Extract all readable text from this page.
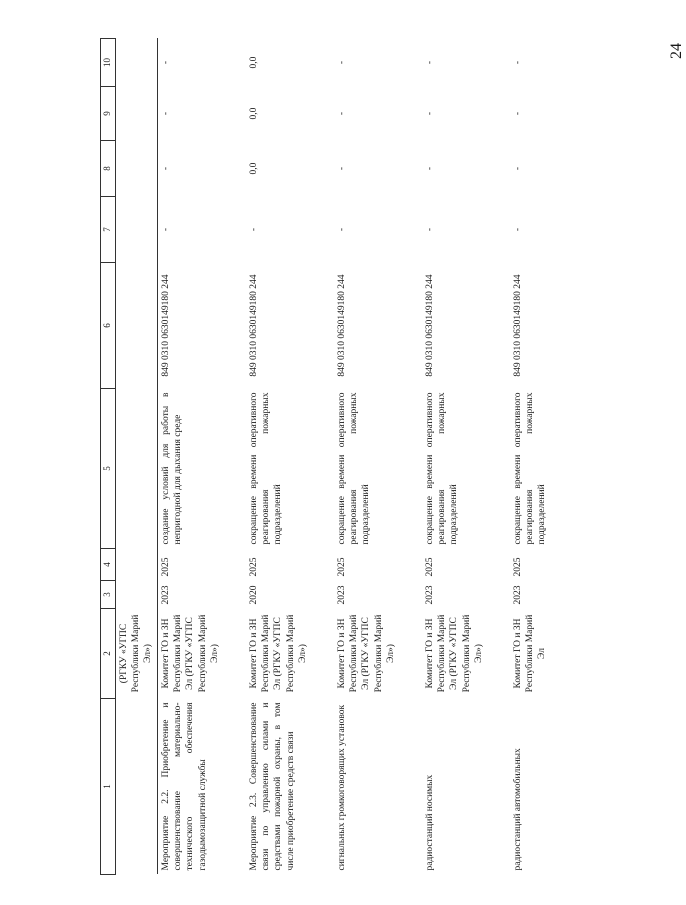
24

1	2	3	4	5	6	7	8	9	10
	(РГКУ «УГПС Республики Марий Эл»)								
Мероприятие 2.2. Приобретение и совершенствование материально-технического обеспечения газодымозащитной службы	Комитет ГО и ЗН Республики Марий Эл (РГКУ «УГПС Республики Марий Эл»)	2023	2025	создание условий для работы в непригодной для дыхания среде	849 0310 0630149180 244	-	-	-	-
Мероприятие 2.3. Совершенствование связи по управлению силами и средствами пожарной охраны, в том числе приобретение средств связи	Комитет ГО и ЗН Республики Марий Эл (РГКУ «УГПС Республики Марий Эл»)	2020	2025	сокращение времени оперативного реагирования пожарных подразделений	849 0310 0630149180 244	-	0,0	0,0	0,0
сигнальных громкоговорящих установок	Комитет ГО и ЗН Республики Марий Эл (РГКУ «УГПС Республики Марий Эл»)	2023	2025	сокращение времени оперативного реагирования пожарных подразделений	849 0310 0630149180 244	-	-	-	-
радиостанций носимых	Комитет ГО и ЗН Республики Марий Эл (РГКУ «УГПС Республики Марий Эл»)	2023	2025	сокращение времени оперативного реагирования пожарных подразделений	849 0310 0630149180 244	-	-	-	-
радиостанций автомобильных	Комитет ГО и ЗН Республики Марий Эл	2023	2025	сокращение времени оперативного реагирования пожарных подразделений	849 0310 0630149180 244	-	-	-	-
